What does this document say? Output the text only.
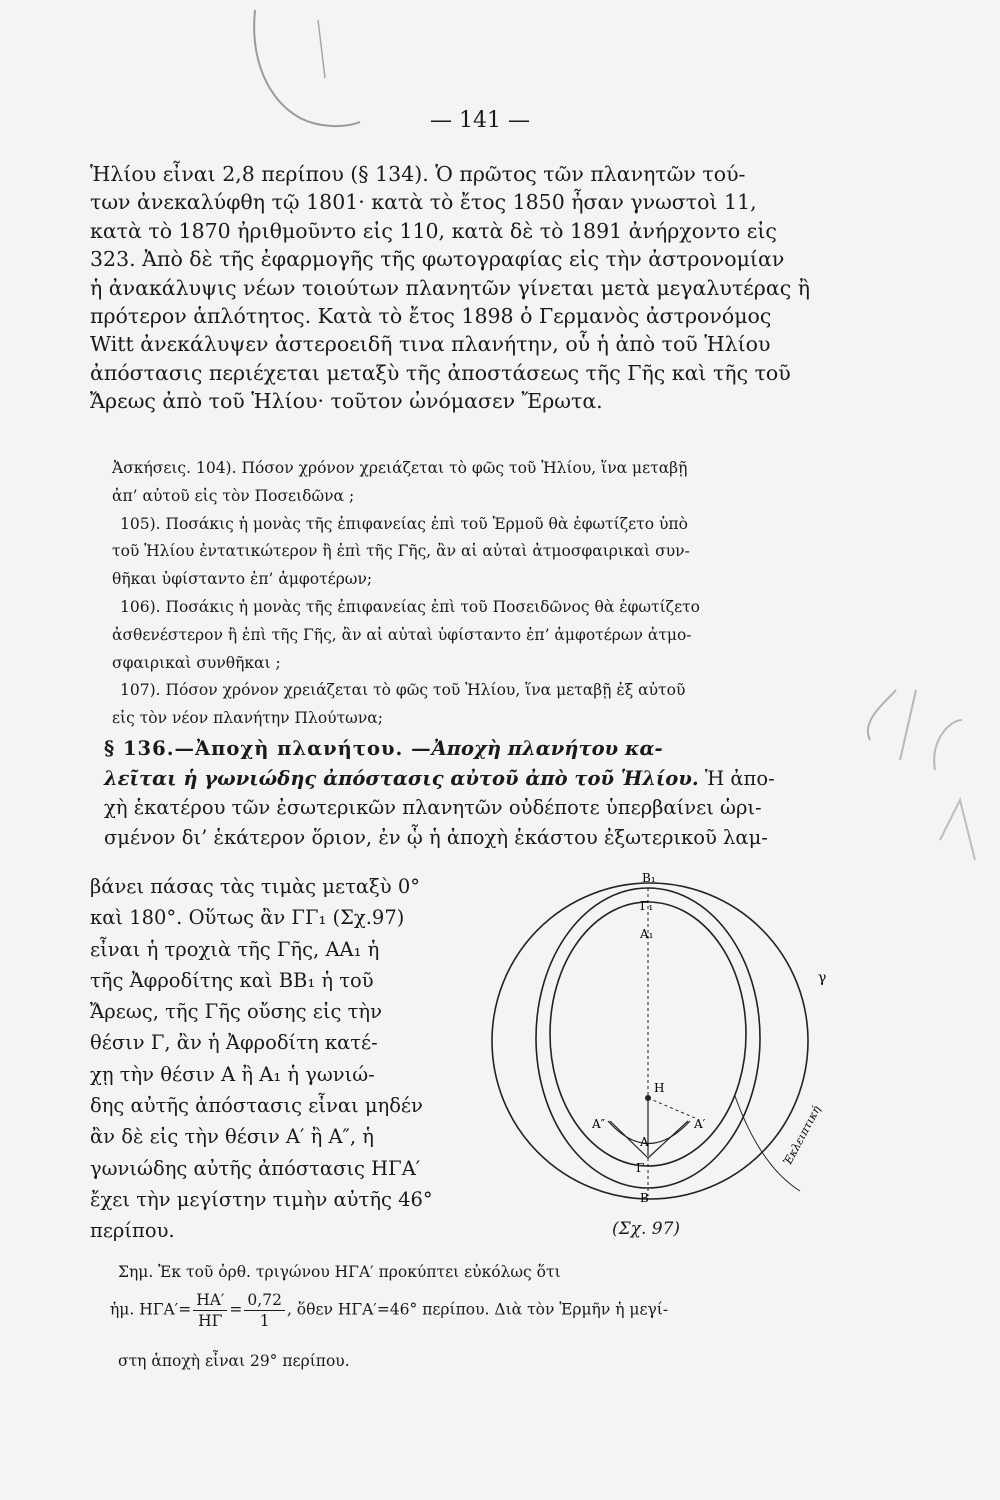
— 141 —

Ἡλίου εἶναι 2,8 περίπου (§ 134). Ὁ πρῶτος τῶν πλανητῶν τού-

των ἀνεκαλύφθη τῷ 1801· κατὰ τὸ ἔτος 1850 ἦσαν γνωστοὶ 11,

κατὰ τὸ 1870 ἠριθμοῦντο εἰς 110, κατὰ δὲ τὸ 1891 ἀνήρχοντο εἰς

323. Ἀπὸ δὲ τῆς ἐφαρμογῆς τῆς φωτογραφίας εἰς τὴν ἀστρονομίαν

ἡ ἀνακάλυψις νέων τοιούτων πλανητῶν γίνεται μετὰ μεγαλυτέρας ἢ

πρότερον ἁπλότητος. Κατὰ τὸ ἔτος 1898 ὁ Γερμανὸς ἀστρονόμος

Witt ἀνεκάλυψεν ἀστεροειδῆ τινα πλανήτην, οὗ ἡ ἀπὸ τοῦ Ἡλίου

ἀπόστασις περιέχεται μεταξὺ τῆς ἀποστάσεως τῆς Γῆς καὶ τῆς τοῦ

Ἄρεως ἀπὸ τοῦ Ἡλίου· τοῦτον ὠνόμασεν Ἔρωτα.

Ἀσκήσεις. 104). Πόσον χρόνον χρειάζεται τὸ φῶς τοῦ Ἡλίου, ἵνα μεταβῇ

ἀπ’ αὐτοῦ εἰς τὸν Ποσειδῶνα ;

105). Ποσάκις ἡ μονὰς τῆς ἐπιφανείας ἐπὶ τοῦ Ἑρμοῦ θὰ ἐφωτίζετο ὑπὸ

τοῦ Ἡλίου ἐντατικώτερον ἢ ἐπὶ τῆς Γῆς, ἂν αἱ αὐταὶ ἀτμοσφαιρικαὶ συν-

θῆκαι ὑφίσταντο ἐπ’ ἀμφοτέρων;

106). Ποσάκις ἡ μονὰς τῆς ἐπιφανείας ἐπὶ τοῦ Ποσειδῶνος θὰ ἐφωτίζετο

ἀσθενέστερον ἢ ἐπὶ τῆς Γῆς, ἂν αἱ αὐταὶ ὑφίσταντο ἐπ’ ἀμφοτέρων ἀτμο-

σφαιρικαὶ συνθῆκαι ;

107). Πόσον χρόνον χρειάζεται τὸ φῶς τοῦ Ἡλίου, ἵνα μεταβῇ ἐξ αὐτοῦ

εἰς τὸν νέον πλανήτην Πλούτωνα;

§ 136.—Ἀποχὴ πλανήτου. —Ἀποχὴ πλανήτου κα-

λεῖται ἡ γωνιώδης ἀπόστασις αὐτοῦ ἀπὸ τοῦ Ἡλίου. Ἡ ἀπο-

χὴ ἑκατέρου τῶν ἐσωτερικῶν πλανητῶν οὐδέποτε ὑπερβαίνει ὡρι-

σμένον δι’ ἑκάτερον ὅριον, ἐν ᾧ ἡ ἀποχὴ ἑκάστου ἐξωτερικοῦ λαμ-

βάνει πάσας τὰς τιμὰς μεταξὺ 0°

καὶ 180°. Οὕτως ἂν ΓΓ₁ (Σχ.97)

εἶναι ἡ τροχιὰ τῆς Γῆς, ΑΑ₁ ἡ

τῆς Ἀφροδίτης καὶ ΒΒ₁ ἡ τοῦ

Ἄρεως, τῆς Γῆς οὔσης εἰς τὴν

θέσιν Γ, ἂν ἡ Ἀφροδίτη κατέ-

χῃ τὴν θέσιν Α ἢ Α₁ ἡ γωνιώ-

δης αὐτῆς ἀπόστασις εἶναι μηδέν

ἂν δὲ εἰς τὴν θέσιν Α′ ἢ Α″, ἡ

γωνιώδης αὐτῆς ἀπόστασις ΗΓΑ′

ἔχει τὴν μεγίστην τιμὴν αὐτῆς 46°

περίπου.

Β₁
Γ₁
Α₁
γ
Η
Α″	Α′
Α
Γ
Β
Ἐκλειπτική
(Σχ. 97)

Σημ. Ἐκ τοῦ ὀρθ. τριγώνου ΗΓΑ′ προκύπτει εὐκόλως ὅτι

ἡμ. $H\Gamma A'= \frac{HA'}{H\Gamma} = \frac{0,72}{1}$ , ὅθεν ΗΓΑ′=46° περίπου. Διὰ τὸν Ἑρμῆν ἡ μεγί-
στη ἀποχὴ εἶναι 29° περίπου.
